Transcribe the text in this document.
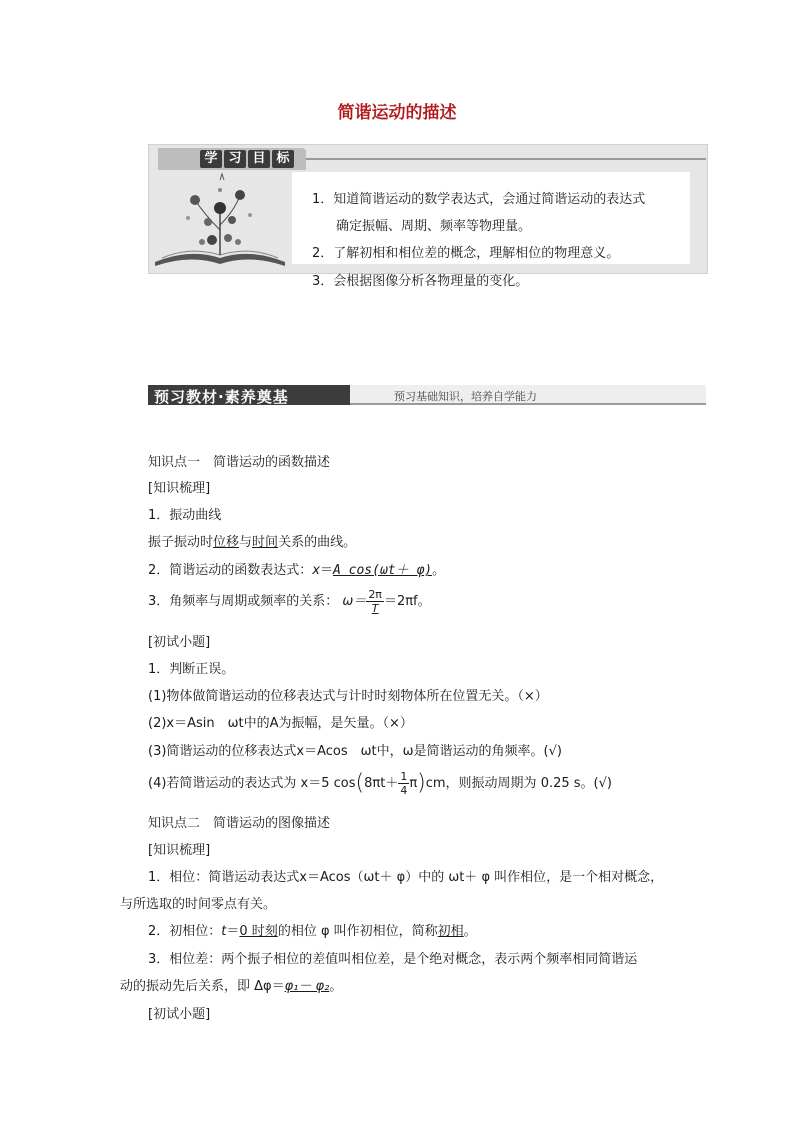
简谐运动的描述
学 习 目 标
1．知道简谐运动的数学表达式，会通过简谐运动的表达式
确定振幅、周期、频率等物理量。
2．了解初相和相位差的概念，理解相位的物理意义。
3．会根据图像分析各物理量的变化。
预习教材·素养奠基	预习基础知识，培养自学能力
知识点一　简谐运动的函数描述
[知识梳理]
1．振动曲线
振子振动时位移与时间关系的曲线。
2．简谐运动的函数表达式：x＝A cos(ωt＋ φ)。
3．角频率与周期或频率的关系： $\omega= \frac{2\pi}{T} =2\pi f$。
[初试小题]
1．判断正误。
(1)物体做简谐运动的位移表达式与计时时刻物体所在位置无关。（×）
(2)x＝Asin　ωt中的A为振幅，是矢量。（×）
(3)简谐运动的位移表达式x＝Acos　ωt中，ω是简谐运动的角频率。(√)
(4)若简谐运动的表达式为 x＝5 $\cos(8\pi t+ \frac{1}{4} \pi)cm$，则振动周期为 0.25 s。(√)
知识点二　简谐运动的图像描述
[知识梳理]
1．相位：简谐运动表达式x＝Acos（ωt＋ φ）中的 ωt＋ φ 叫作相位，是一个相对概念，
与所选取的时间零点有关。
2．初相位：t＝0 时刻的相位 φ 叫作初相位，简称初相。
3．相位差：两个振子相位的差值叫相位差，是个绝对概念，表示两个频率相同简谐运
动的振动先后关系，即 Δφ＝φ₁－ φ₂。
[初试小题]
